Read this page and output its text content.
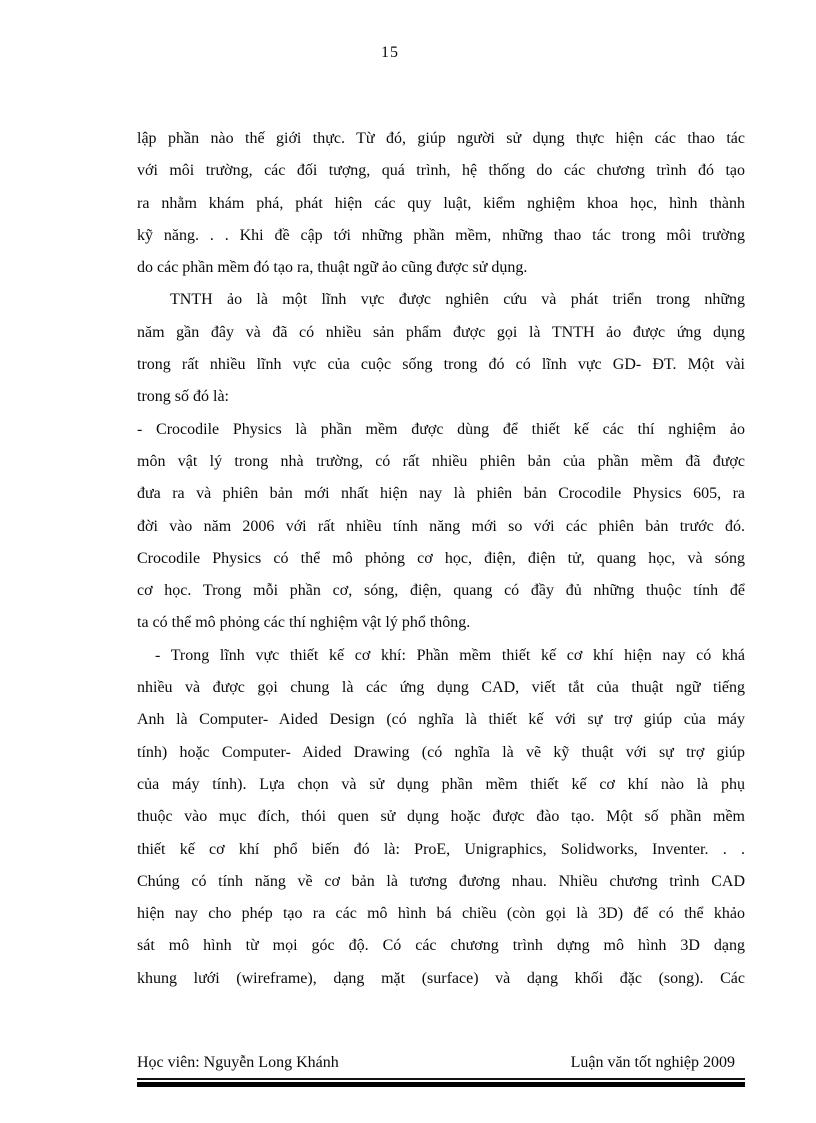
15
lập phần nào thế giới thực. Từ đó, giúp người sử dụng thực hiện các thao tác
với môi trường, các đối tượng, quá trình, hệ thống do các chương trình đó tạo
ra nhằm khám phá, phát hiện các quy luật, kiểm nghiệm khoa học, hình thành
kỹ năng. . . Khi đề cập tới những phần mềm, những thao tác trong môi trường
do các phần mềm đó tạo ra, thuật ngữ ảo cũng được sử dụng.
TNTH ảo là một lĩnh vực được nghiên cứu và phát triển trong những
năm gần đây và đã có nhiều sản phẩm được gọi là TNTH ảo được ứng dụng
trong rất nhiều lĩnh vực của cuộc sống trong đó có lĩnh vực GD- ĐT. Một vài
trong số đó là:
- Crocodile Physics là phần mềm được dùng để thiết kế các thí nghiệm ảo
môn vật lý trong nhà trường, có rất nhiều phiên bản của phần mềm đã được
đưa ra và phiên bản mới nhất hiện nay là phiên bản Crocodile Physics 605, ra
đời vào năm 2006 với rất nhiều tính năng mới so với các phiên bản trước đó.
Crocodile Physics có thể mô phỏng cơ học, điện, điện tử, quang học, và sóng
cơ học. Trong mỗi phần cơ, sóng, điện, quang có đầy đủ những thuộc tính để
ta có thể mô phỏng các thí nghiệm vật lý phổ thông.
- Trong lĩnh vực thiết kế cơ khí: Phần mềm thiết kế cơ khí hiện nay có khá
nhiều và được gọi chung là các ứng dụng CAD, viết tắt của thuật ngữ tiếng
Anh là Computer- Aided Design (có nghĩa là thiết kế với sự trợ giúp của máy
tính) hoặc Computer- Aided Drawing (có nghĩa là vẽ kỹ thuật với sự trợ giúp
của máy tính). Lựa chọn và sử dụng phần mềm thiết kế cơ khí nào là phụ
thuộc vào mục đích, thói quen sử dụng hoặc được đào tạo. Một số phần mềm
thiết kế cơ khí phổ biến đó là: ProE, Unigraphics, Solidworks, Inventer. . .
Chúng có tính năng về cơ bản là tương đương nhau. Nhiều chương trình CAD
hiện nay cho phép tạo ra các mô hình bá chiều (còn gọi là 3D) để có thể khảo
sát mô hình từ mọi góc độ. Có các chương trình dựng mô hình 3D dạng
khung lưới (wireframe), dạng mặt (surface) và dạng khối đặc (song). Các
Học viên: Nguyễn Long Khánh	Luận văn tốt nghiệp 2009
